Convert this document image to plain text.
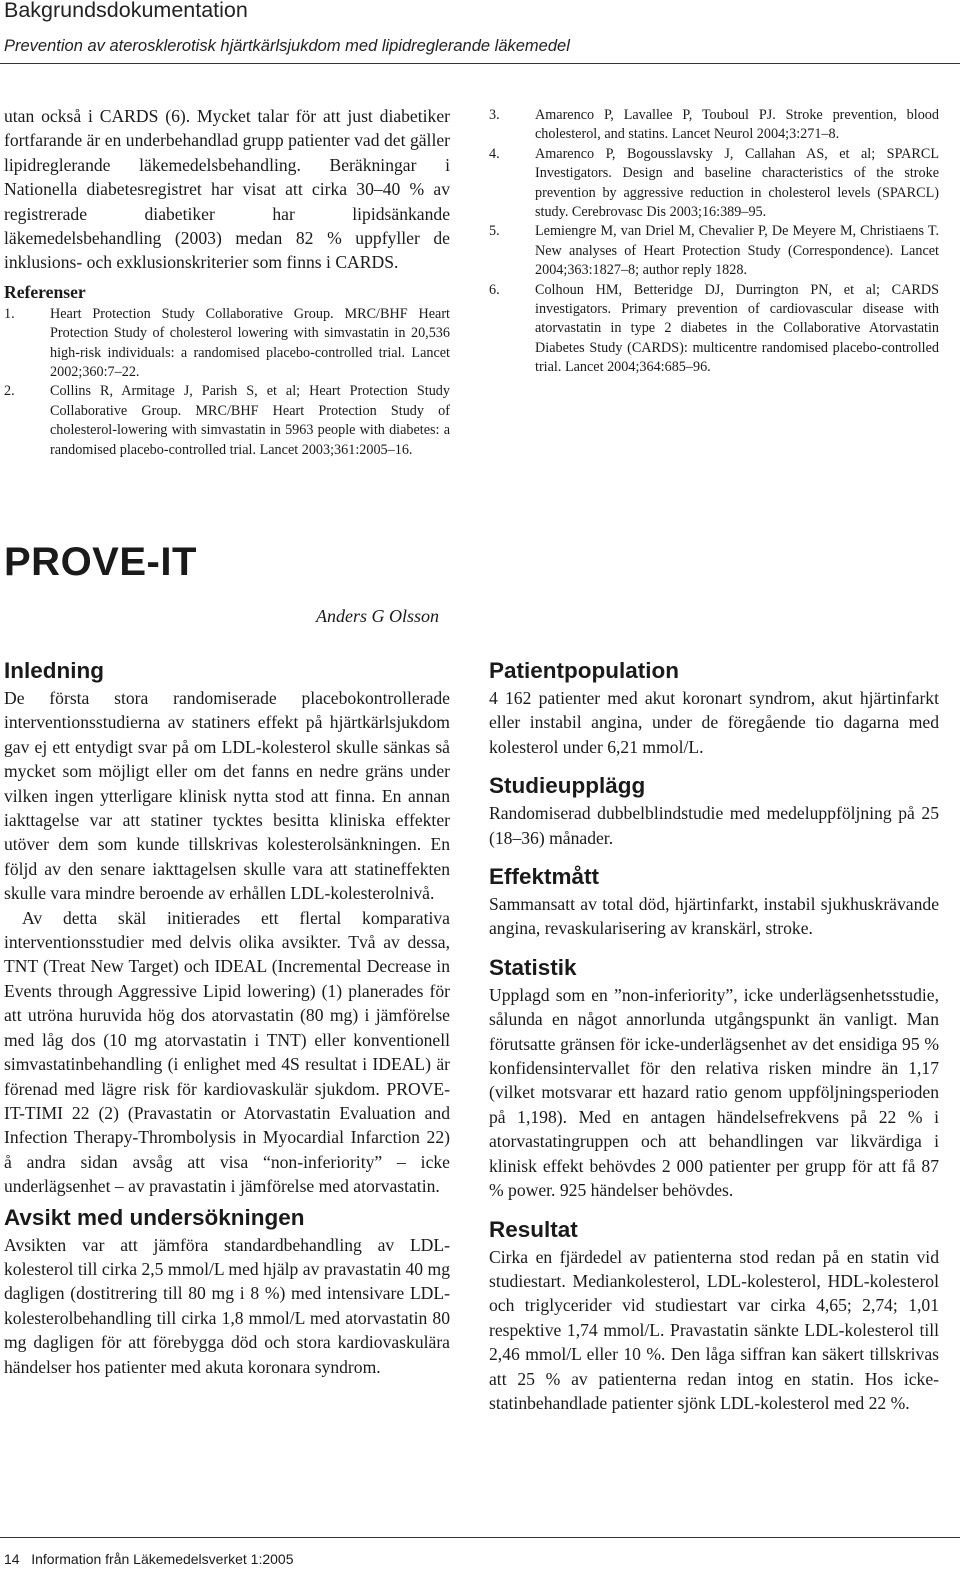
Bakgrundsdokumentation
Prevention av aterosklerotisk hjärtkärlsjukdom med lipidreglerande läkemedel

utan också i CARDS (6). Mycket talar för att just diabetiker fortfarande är en underbehandlad grupp patienter vad det gäller lipidreglerande läkemedelsbehandling. Beräkningar i Nationella diabetesregistret har visat att cirka 30–40 % av registrerade diabetiker har lipidsänkande läkemedelsbehandling (2003) medan 82 % uppfyller de inklusions- och exklusionskriterier som finns i CARDS.

Referenser
1.	Heart Protection Study Collaborative Group. MRC/BHF Heart Protection Study of cholesterol lowering with simvastatin in 20,536 high-risk individuals: a randomised placebo-controlled trial. Lancet 2002;360:7–22.
2.	Collins R, Armitage J, Parish S, et al; Heart Protection Study Collaborative Group. MRC/BHF Heart Protection Study of cholesterol-lowering with simvastatin in 5963 people with diabetes: a randomised placebo-controlled trial. Lancet 2003;361:2005–16.
3.	Amarenco P, Lavallee P, Touboul PJ. Stroke prevention, blood cholesterol, and statins. Lancet Neurol 2004;3:271–8.
4.	Amarenco P, Bogousslavsky J, Callahan AS, et al; SPARCL Investigators. Design and baseline characteristics of the stroke prevention by aggressive reduction in cholesterol levels (SPARCL) study. Cerebrovasc Dis 2003;16:389–95.
5.	Lemiengre M, van Driel M, Chevalier P, De Meyere M, Christiaens T. New analyses of Heart Protection Study (Correspondence). Lancet 2004;363:1827–8; author reply 1828.
6.	Colhoun HM, Betteridge DJ, Durrington PN, et al; CARDS investigators. Primary prevention of cardiovascular disease with atorvastatin in type 2 diabetes in the Collaborative Atorvastatin Diabetes Study (CARDS): multicentre randomised placebo-controlled trial. Lancet 2004;364:685–96.
PROVE-IT
Anders G Olsson
Inledning

De första stora randomiserade placebokontrollerade interventionsstudierna av statiners effekt på hjärtkärlsjukdom gav ej ett entydigt svar på om LDL-kolesterol skulle sänkas så mycket som möjligt eller om det fanns en nedre gräns under vilken ingen ytterligare klinisk nytta stod att finna. En annan iakttagelse var att statiner tycktes besitta kliniska effekter utöver dem som kunde tillskrivas kolesterolsänkningen. En följd av den senare iakttagelsen skulle vara att statineffekten skulle vara mindre beroende av erhållen LDL-kolesterolnivå.

Av detta skäl initierades ett flertal komparativa interventionsstudier med delvis olika avsikter. Två av dessa, TNT (Treat New Target) och IDEAL (Incremental Decrease in Events through Aggressive Lipid lowering) (1) planerades för att utröna huruvida hög dos atorvastatin (80 mg) i jämförelse med låg dos (10 mg atorvastatin i TNT) eller konventionell simvastatinbehandling (i enlighet med 4S resultat i IDEAL) är förenad med lägre risk för kardiovaskulär sjukdom. PROVE-IT-TIMI 22 (2) (Pravastatin or Atorvastatin Evaluation and Infection Therapy-Thrombolysis in Myocardial Infarction 22) å andra sidan avsåg att visa “non-inferiority” – icke underlägsenhet – av pravastatin i jämförelse med atorvastatin.

Avsikt med undersökningen

Avsikten var att jämföra standardbehandling av LDL-kolesterol till cirka 2,5 mmol/L med hjälp av pravastatin 40 mg dagligen (dostitrering till 80 mg i 8 %) med intensivare LDL-kolesterolbehandling till cirka 1,8 mmol/L med atorvastatin 80 mg dagligen för att förebygga död och stora kardiovaskulära händelser hos patienter med akuta koronara syndrom.

Patientpopulation

4 162 patienter med akut koronart syndrom, akut hjärtinfarkt eller instabil angina, under de föregående tio dagarna med kolesterol under 6,21 mmol/L.

Studieupplägg

Randomiserad dubbelblindstudie med medeluppföljning på 25 (18–36) månader.

Effektmått

Sammansatt av total död, hjärtinfarkt, instabil sjukhuskrävande angina, revaskularisering av kranskärl, stroke.

Statistik

Upplagd som en ”non-inferiority”, icke underlägsenhetsstudie, sålunda en något annorlunda utgångspunkt än vanligt. Man förutsatte gränsen för icke-underlägsenhet av det ensidiga 95 % konfidensintervallet för den relativa risken mindre än 1,17 (vilket motsvarar ett hazard ratio genom uppföljningsperioden på 1,198). Med en antagen händelsefrekvens på 22 % i atorvastatingruppen och att behandlingen var likvärdiga i klinisk effekt behövdes 2 000 patienter per grupp för att få 87 % power. 925 händelser behövdes.

Resultat

Cirka en fjärdedel av patienterna stod redan på en statin vid studiestart. Mediankolesterol, LDL-kolesterol, HDL-kolesterol och triglycerider vid studiestart var cirka 4,65; 2,74; 1,01 respektive 1,74 mmol/L. Pravastatin sänkte LDL-kolesterol till 2,46 mmol/L eller 10 %. Den låga siffran kan säkert tillskrivas att 25 % av patienterna redan intog en statin. Hos icke-statinbehandlade patienter sjönk LDL-kolesterol med 22 %.

14   Information från Läkemedelsverket 1:2005
